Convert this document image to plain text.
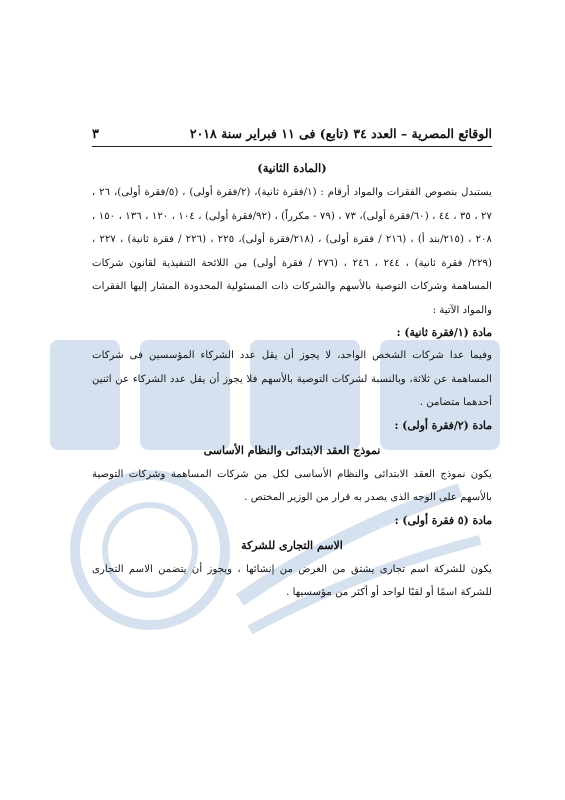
الوقائع المصرية – العدد ٣٤ (تابع) فى ١١ فبراير سنة ٢٠١٨
٣
(المادة الثانية)

يستبدل بنصوص الفقرات والمواد أرقام : (١/فقرة ثانية)، (٢/فقرة أولى) ، (٥/فقرة أولى)، ٢٦ ، ٢٧ ، ٣٥ ، ٤٤ ، (٦٠/فقرة أولى)، ٧٣ ، (٧٩ - مكرراً) ، (٩٢/فقرة أولى) ، ١٠٤ ، ١٢٠ ، ١٣٦ ، ١٥٠ ، ٢٠٨ ، (٢١٥/بند أ) ، (٢١٦ / فقرة أولى) ، (٢١٨/فقرة أولى)، ٢٢٥ ، (٢٢٦ / فقرة ثانية) ، ٢٢٧ ، (٢٢٩/ فقرة ثانية) ، ٢٤٤ ، ٢٤٦ ، (٢٧٦ / فقرة أولى) من اللائحة التنفيذية لقانون شركات المساهمة وشركات التوصية بالأسهم والشركات ذات المسئولية المحدودة المشار إليها الفقرات والمواد الآتية :

مادة (١/فقرة ثانية) :

وفيما عدا شركات الشخص الواحد، لا يجوز أن يقل عدد الشركاء المؤسسين فى شركات المساهمة عن ثلاثة، وبالنسبة لشركات التوصية بالأسهم فلا يجوز أن يقل عدد الشركاء عن اثنين أحدهما متضامن .

مادة (٢/فقرة أولى) :
نموذج العقد الابتدائى والنظام الأساسى

يكون نموذج العقد الابتدائى والنظام الأساسى لكل من شركات المساهمة وشركات التوصية بالأسهم على الوجه الذى يصدر به قرار من الوزير المختص .

مادة (٥ فقرة أولى) :
الاسم التجارى للشركة

يكون للشركة اسم تجارى يشتق من الغرض من إنشائها ، ويجوز أن يتضمن الاسم التجارى للشركة اسمًا أو لقبًا لواحد أو أكثر من مؤسسيها .
